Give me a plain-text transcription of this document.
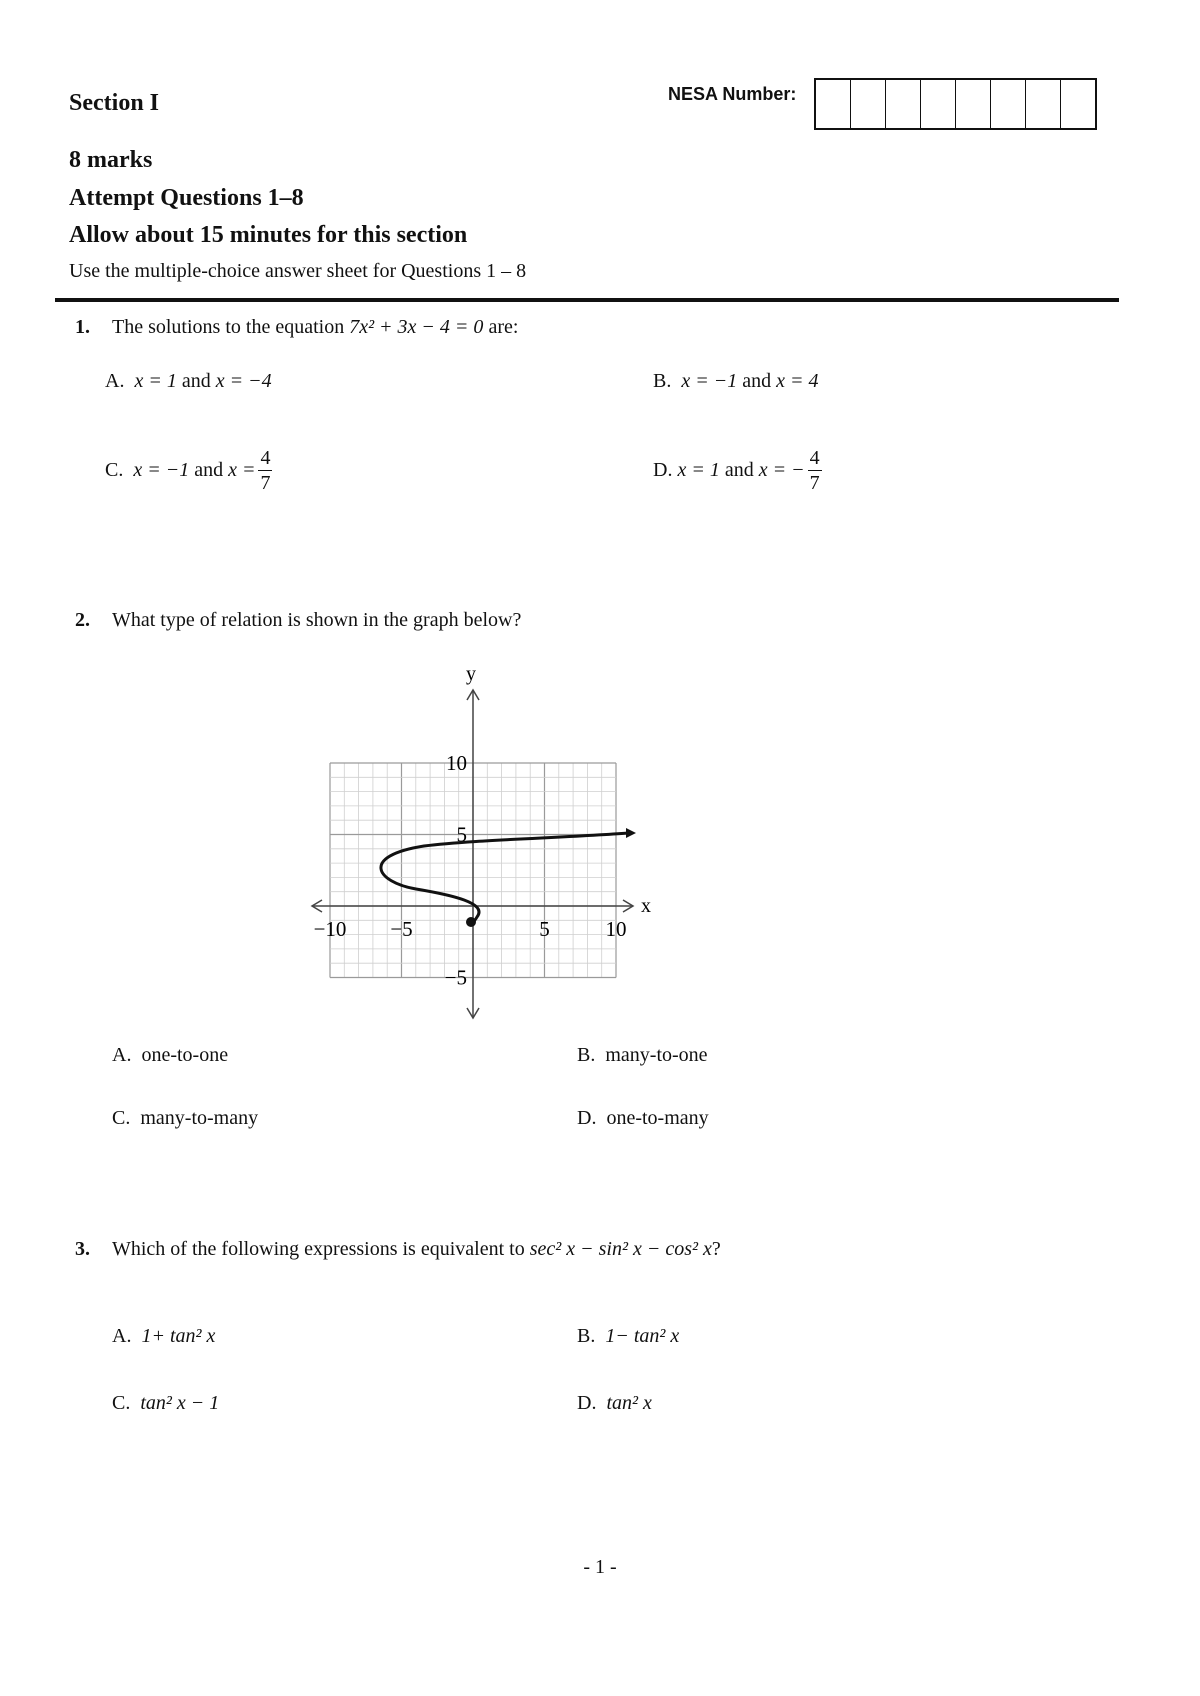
Section I	NESA Number:
8 marks
Attempt Questions 1–8
Allow about 15 minutes for this section
Use the multiple-choice answer sheet for Questions 1 – 8
1. The solutions to the equation 7x² + 3x − 4 = 0 are:
A. x = 1 and x = −4	B. x = −1 and x = 4
C.
x = −1
and
$x = \frac{4}{7}$	D.
x = 1
and
x = − $\frac{4}{7}$
2. What type of relation is shown in the graph below?
−10 −5	5	10
10
5
−5
x
y
A. one-to-one	B. many-to-one
C. many-to-many	D. one-to-many
3. Which of the following expressions is equivalent to sec² x − sin² x − cos² x?
A. 1+ tan² x	B. 1− tan² x
C. tan² x − 1	D. tan² x
- 1 -
